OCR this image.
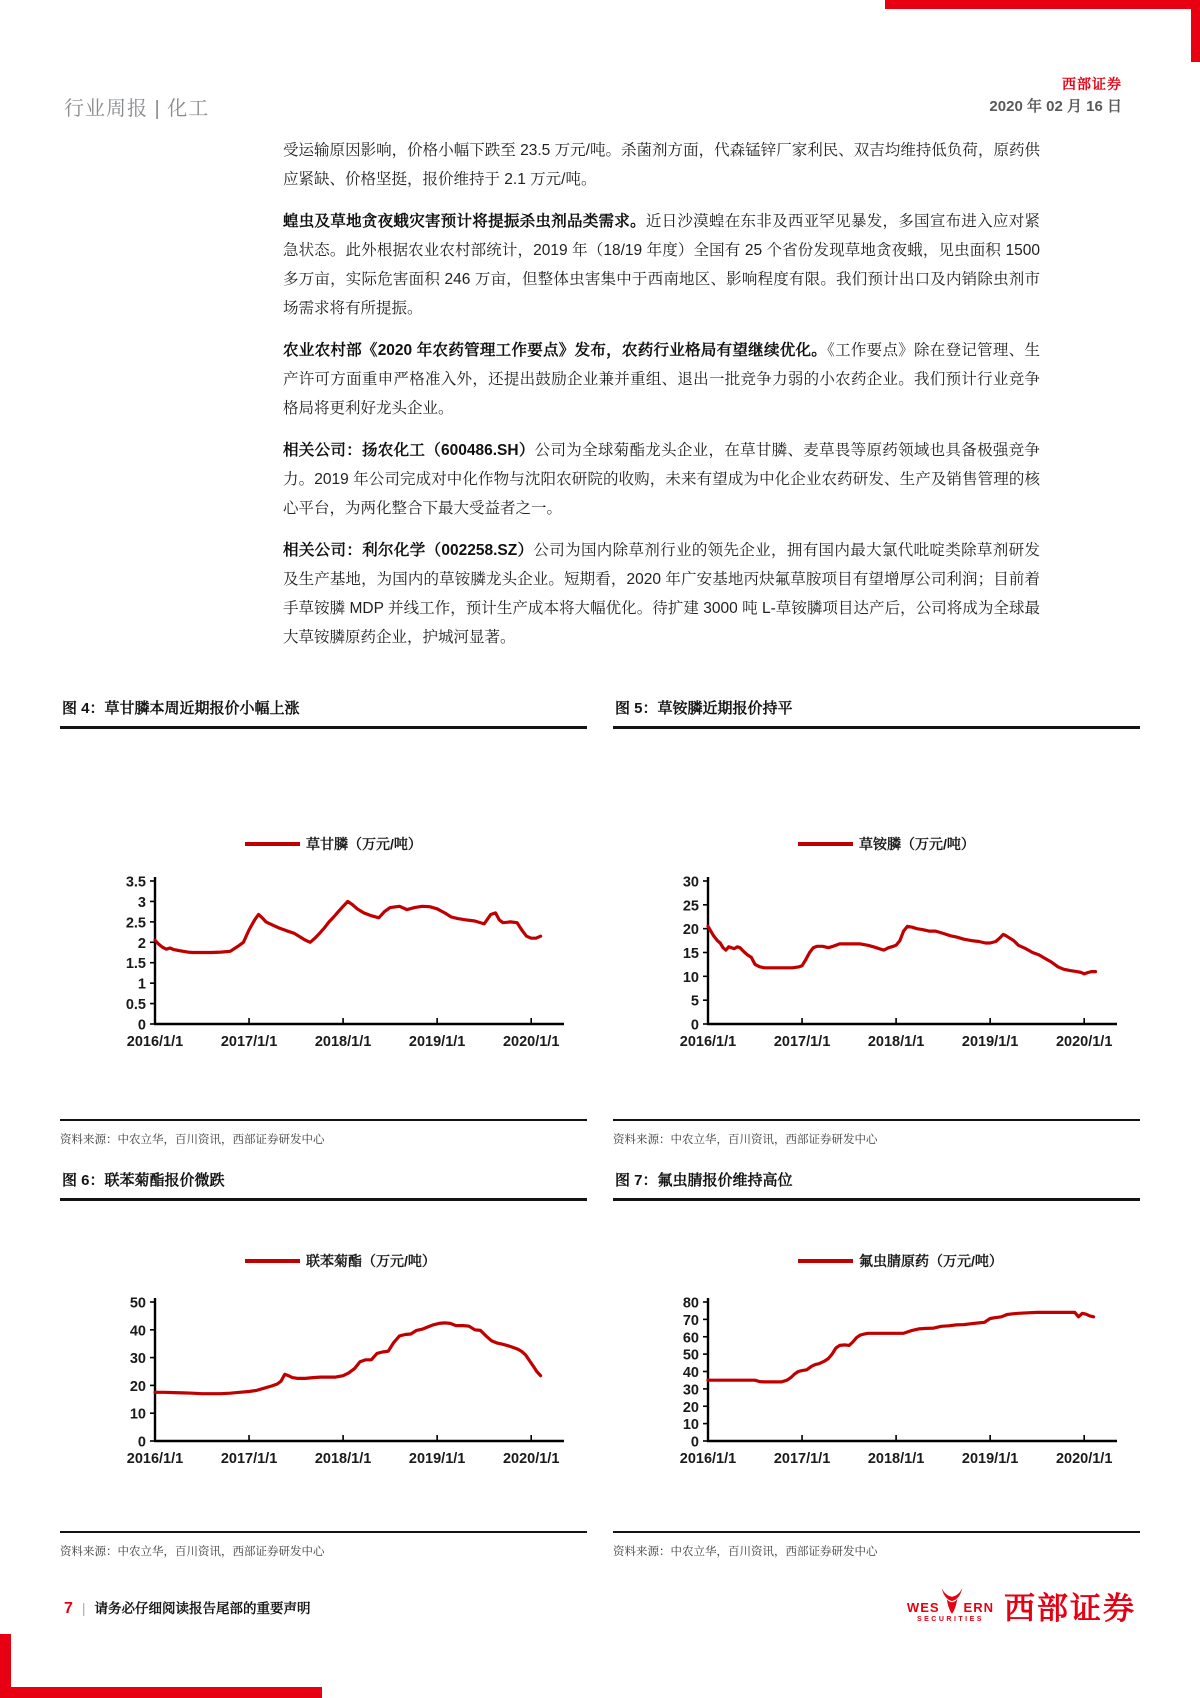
行业周报 | 化工
西部证券
2020 年 02 月 16 日

受运输原因影响，价格小幅下跌至 23.5 万元/吨。杀菌剂方面，代森锰锌厂家利民、双吉均维持低负荷，原药供应紧缺、价格坚挺，报价维持于 2.1 万元/吨。

蝗虫及草地贪夜蛾灾害预计将提振杀虫剂品类需求。近日沙漠蝗在东非及西亚罕见暴发，多国宣布进入应对紧急状态。此外根据农业农村部统计，2019 年（18/19 年度）全国有 25 个省份发现草地贪夜蛾，见虫面积 1500 多万亩，实际危害面积 246 万亩，但整体虫害集中于西南地区、影响程度有限。我们预计出口及内销除虫剂市场需求将有所提振。

农业农村部《2020 年农药管理工作要点》发布，农药行业格局有望继续优化。《工作要点》除在登记管理、生产许可方面重申严格准入外，还提出鼓励企业兼并重组、退出一批竞争力弱的小农药企业。我们预计行业竞争格局将更利好龙头企业。

相关公司：扬农化工（600486.SH）公司为全球菊酯龙头企业，在草甘膦、麦草畏等原药领域也具备极强竞争力。2019 年公司完成对中化作物与沈阳农研院的收购，未来有望成为中化企业农药研发、生产及销售管理的核心平台，为两化整合下最大受益者之一。

相关公司：利尔化学（002258.SZ）公司为国内除草剂行业的领先企业，拥有国内最大氯代吡啶类除草剂研发及生产基地，为国内的草铵膦龙头企业。短期看，2020 年广安基地丙炔氟草胺项目有望增厚公司利润；目前着手草铵膦 MDP 并线工作，预计生产成本将大幅优化。待扩建 3000 吨 L-草铵膦项目达产后，公司将成为全球最大草铵膦原药企业，护城河显著。

图 4：草甘膦本周近期报价小幅上涨
草甘膦（万元/吨）
0
0.5
1
1.5
2
2.5
3
3.5
2016/1/1	2017/1/1	2018/1/1	2019/1/1	2020/1/1
资料来源：中农立华，百川资讯，西部证券研发中心
图 5：草铵膦近期报价持平
草铵膦（万元/吨）
0
5
10
15
20
25
30
2016/1/1	2017/1/1	2018/1/1	2019/1/1	2020/1/1
资料来源：中农立华，百川资讯，西部证券研发中心
图 6：联苯菊酯报价微跌
联苯菊酯（万元/吨）
0
10
20
30
40
50
2016/1/1	2017/1/1	2018/1/1	2019/1/1	2020/1/1
资料来源：中农立华，百川资讯，西部证券研发中心
图 7：氟虫腈报价维持高位
氟虫腈原药（万元/吨）
0
10
20
30
40
50
60
70
80
2016/1/1	2017/1/1	2018/1/1	2019/1/1	2020/1/1
资料来源：中农立华，百川资讯，西部证券研发中心
7 | 请务必仔细阅读报告尾部的重要声明	WES ERN
SECURITIES 西部证券
